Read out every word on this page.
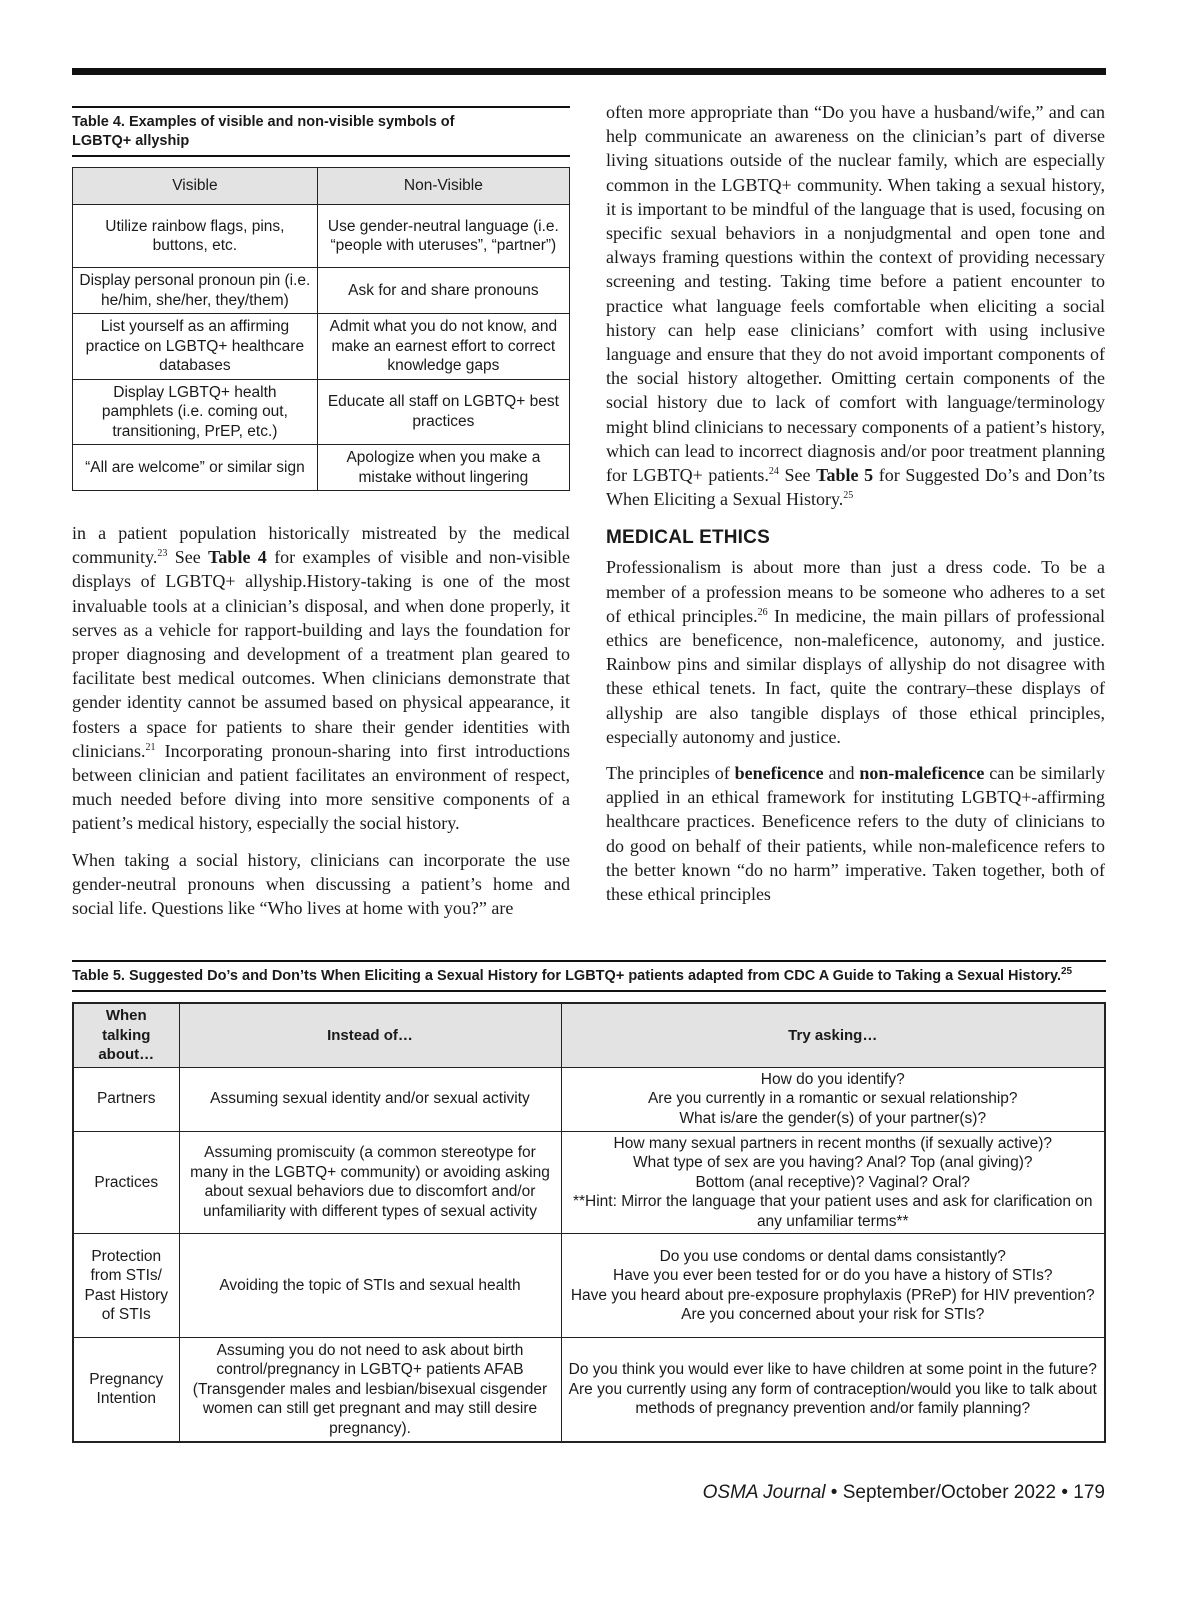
Table 4. Examples of visible and non-visible symbols of
LGBTQ+ allyship
Visible	Non-Visible
Utilize rainbow flags, pins, buttons, etc.	Use gender-neutral language (i.e. “people with uteruses”, “partner”)
Display personal pronoun pin (i.e. he/him, she/her, they/them)	Ask for and share pronouns
List yourself as an affirming practice on LGBTQ+ healthcare databases	Admit what you do not know, and make an earnest effort to correct knowledge gaps
Display LGBTQ+ health pamphlets (i.e. coming out, transitioning, PrEP, etc.)	Educate all staff on LGBTQ+ best practices
“All are welcome” or similar sign	Apologize when you make a mistake without lingering

in a patient population historically mistreated by the medical community.$^{23}$ See Table 4 for examples of visible and non-visible displays of LGBTQ+ allyship.History-taking is one of the most invaluable tools at a clinician’s disposal, and when done properly, it serves as a vehicle for rapport-building and lays the foundation for proper diagnosing and development of a treatment plan geared to facilitate best medical outcomes. When clinicians demonstrate that gender identity cannot be assumed based on physical appearance, it fosters a space for patients to share their gender identities with clinicians.$^{21}$ Incorporating pronoun-sharing into first introductions between clinician and patient facilitates an environment of respect, much needed before diving into more sensitive components of a patient’s medical history, especially the social history.

When taking a social history, clinicians can incorporate the use gender-neutral pronouns when discussing a patient’s home and social life. Questions like “Who lives at home with you?” are

often more appropriate than “Do you have a husband/wife,” and can help communicate an awareness on the clinician’s part of diverse living situations outside of the nuclear family, which are especially common in the LGBTQ+ community. When taking a sexual history, it is important to be mindful of the language that is used, focusing on specific sexual behaviors in a nonjudgmental and open tone and always framing questions within the context of providing necessary screening and testing. Taking time before a patient encounter to practice what language feels comfortable when eliciting a social history can help ease clinicians’ comfort with using inclusive language and ensure that they do not avoid important components of the social history altogether. Omitting certain components of the social history due to lack of comfort with language/terminology might blind clinicians to necessary components of a patient’s history, which can lead to incorrect diagnosis and/or poor treatment planning for LGBTQ+ patients.$^{24}$ See Table 5 for Suggested Do’s and Don’ts When Eliciting a Sexual History.$^{25}$

MEDICAL ETHICS

Professionalism is about more than just a dress code. To be a member of a profession means to be someone who adheres to a set of ethical principles.$^{26}$ In medicine, the main pillars of professional ethics are beneficence, non-maleficence, autonomy, and justice. Rainbow pins and similar displays of allyship do not disagree with these ethical tenets. In fact, quite the contrary–these displays of allyship are also tangible displays of those ethical principles, especially autonomy and justice.

The principles of beneficence and non-maleficence can be similarly applied in an ethical framework for instituting LGBTQ+-affirming healthcare practices. Beneficence refers to the duty of clinicians to do good on behalf of their patients, while non-maleficence refers to the better known “do no harm” imperative. Taken together, both of these ethical principles

Table 5. Suggested Do’s and Don’ts When Eliciting a Sexual History for LGBTQ+ patients adapted from CDC A Guide to Taking a Sexual History.$^{25}$
When talking about…	Instead of…	Try asking…
Partners	Assuming sexual identity and/or sexual activity	How do you identify?
Are you currently in a romantic or sexual relationship?
What is/are the gender(s) of your partner(s)?

Practices	Assuming promiscuity (a common stereotype for many in the LGBTQ+ community) or avoiding asking about sexual behaviors due to discomfort and/or unfamiliarity with different types of sexual activity	How many sexual partners in recent months (if sexually active)?
What type of sex are you having? Anal? Top (anal giving)?
Bottom (anal receptive)? Vaginal? Oral?
**Hint: Mirror the language that your patient uses and ask for clarification on any unfamiliar terms**

Protection from STIs/ Past History of STIs	Avoiding the topic of STIs and sexual health	Do you use condoms or dental dams consistantly?
Have you ever been tested for or do you have a history of STIs?
Have you heard about pre-exposure prophylaxis (PReP) for HIV prevention?
Are you concerned about your risk for STIs?

Pregnancy Intention	Assuming you do not need to ask about birth control/pregnancy in LGBTQ+ patients AFAB (Transgender males and lesbian/bisexual cisgender women can still get pregnant and may still desire pregnancy).	Do you think you would ever like to have children at some point in the future?
Are you currently using any form of contraception/would you like to talk about methods of pregnancy prevention and/or family planning?
OSMA Journal • September/October 2022 • 179
